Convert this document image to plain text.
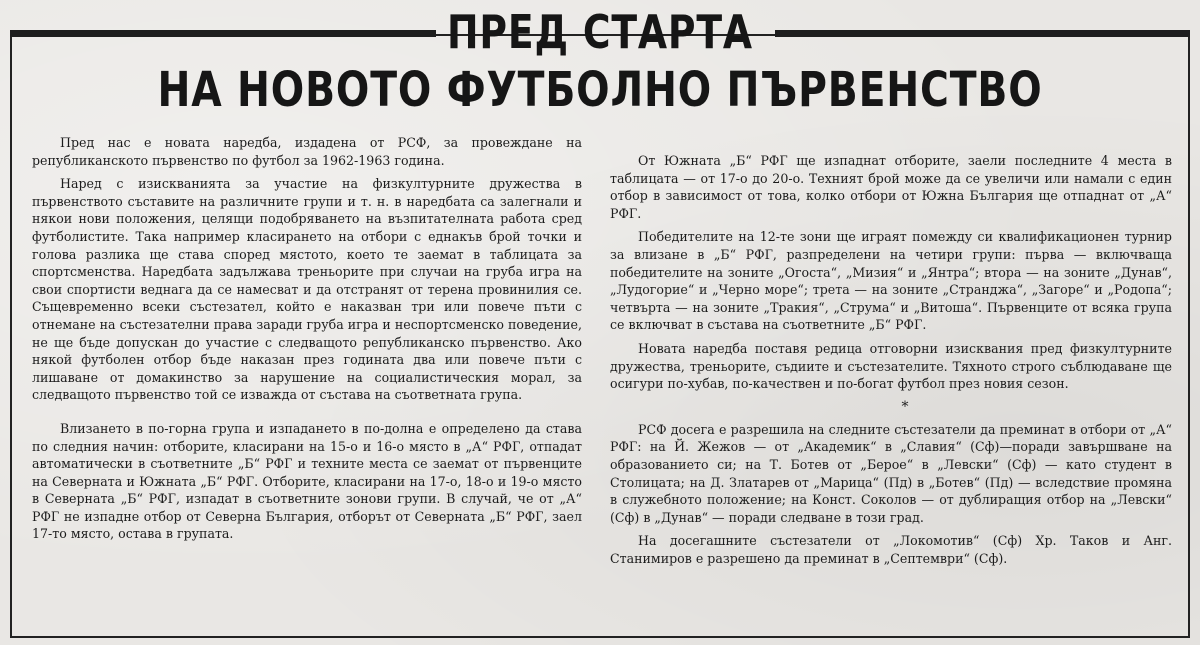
ПРЕД СТАРТА
НА НОВОТО ФУТБОЛНО ПЪРВЕНСТВО

Пред нас е новата наредба, издадена от РСФ, за провеждане на републиканското първенство по футбол за 1962-1963 година.

Наред с изискванията за участие на физкултурните дружества в първенството съставите на различните групи и т. н. в наредбата са залегнали и някои нови положения, целящи подобряването на възпитателната работа сред футболистите. Така например класирането на отбори с еднакъв брой точки и голова разлика ще става според мястото, което те заемат в таблицата за спортсменства. Наредбата задължава треньорите при случаи на груба игра на свои спортисти веднага да се намесват и да отстранят от терена провинилия се. Същевременно всеки състезател, който е наказван три или повече пъти с отнемане на състезателни права заради груба игра и неспортсменско поведение, не ще бъде допускан до участие с следващото републиканско първенство. Ако някой футболен отбор бъде наказан през годината два или повече пъти с лишаване от домакинство за нарушение на социалистическия морал, за следващото първенство той се изважда от състава на съответната група.

Влизането в по-горна група и изпадането в по-долна е определено да става по следния начин: отборите, класирани на 15-о и 16-о място в „А“ РФГ, отпадат автоматически в съответните „Б“ РФГ и техните места се заемат от първенците на Северната и Южната „Б“ РФГ. Отборите, класирани на 17-о, 18-о и 19-о място в Северната „Б“ РФГ, изпадат в съответните зонови групи. В случай, че от „А“ РФГ не изпадне отбор от Северна България, отборът от Северната „Б“ РФГ, заел 17-то място, остава в групата.

От Южната „Б“ РФГ ще изпаднат отборите, заели последните 4 места в таблицата — от 17-о до 20-о. Техният брой може да се увеличи или намали с един отбор в зависимост от това, колко отбори от Южна България ще отпаднат от „А“ РФГ.

Победителите на 12-те зони ще играят помежду си квалификационен турнир за влизане в „Б“ РФГ, разпределени на четири групи: първа — включваща победителите на зоните „Огоста“, „Мизия“ и „Янтра“; втора — на зоните „Дунав“, „Лудогорие“ и „Черно море“; трета — на зоните „Странджа“, „Загоре“ и „Родопа“; четвърта — на зоните „Тракия“, „Струма“ и „Витоша“. Първенците от всяка група се включват в състава на съответните „Б“ РФГ.

Новата наредба поставя редица отговорни изисквания пред физкултурните дружества, треньорите, съдиите и състезателите. Тяхното строго съблюдаване ще осигури по-хубав, по-качествен и по-богат футбол през новия сезон.

*

РСФ досега е разрешила на следните състезатели да преминат в отбори от „А“ РФГ: на Й. Жежов — от „Академик“ в „Славия“ (Сф)—поради завършване на образованието си; на Т. Ботев от „Берое“ в „Левски“ (Сф) — като студент в Столицата; на Д. Златарев от „Марица“ (Пд) в „Ботев“ (Пд) — вследствие промяна в служебното положение; на Конст. Соколов — от дублиращия отбор на „Левски“ (Сф) в „Дунав“ — поради следване в този град.

На досегашните състезатели от „Локомотив“ (Сф) Хр. Таков и Анг. Станимиров е разрешено да преминат в „Септември“ (Сф).
